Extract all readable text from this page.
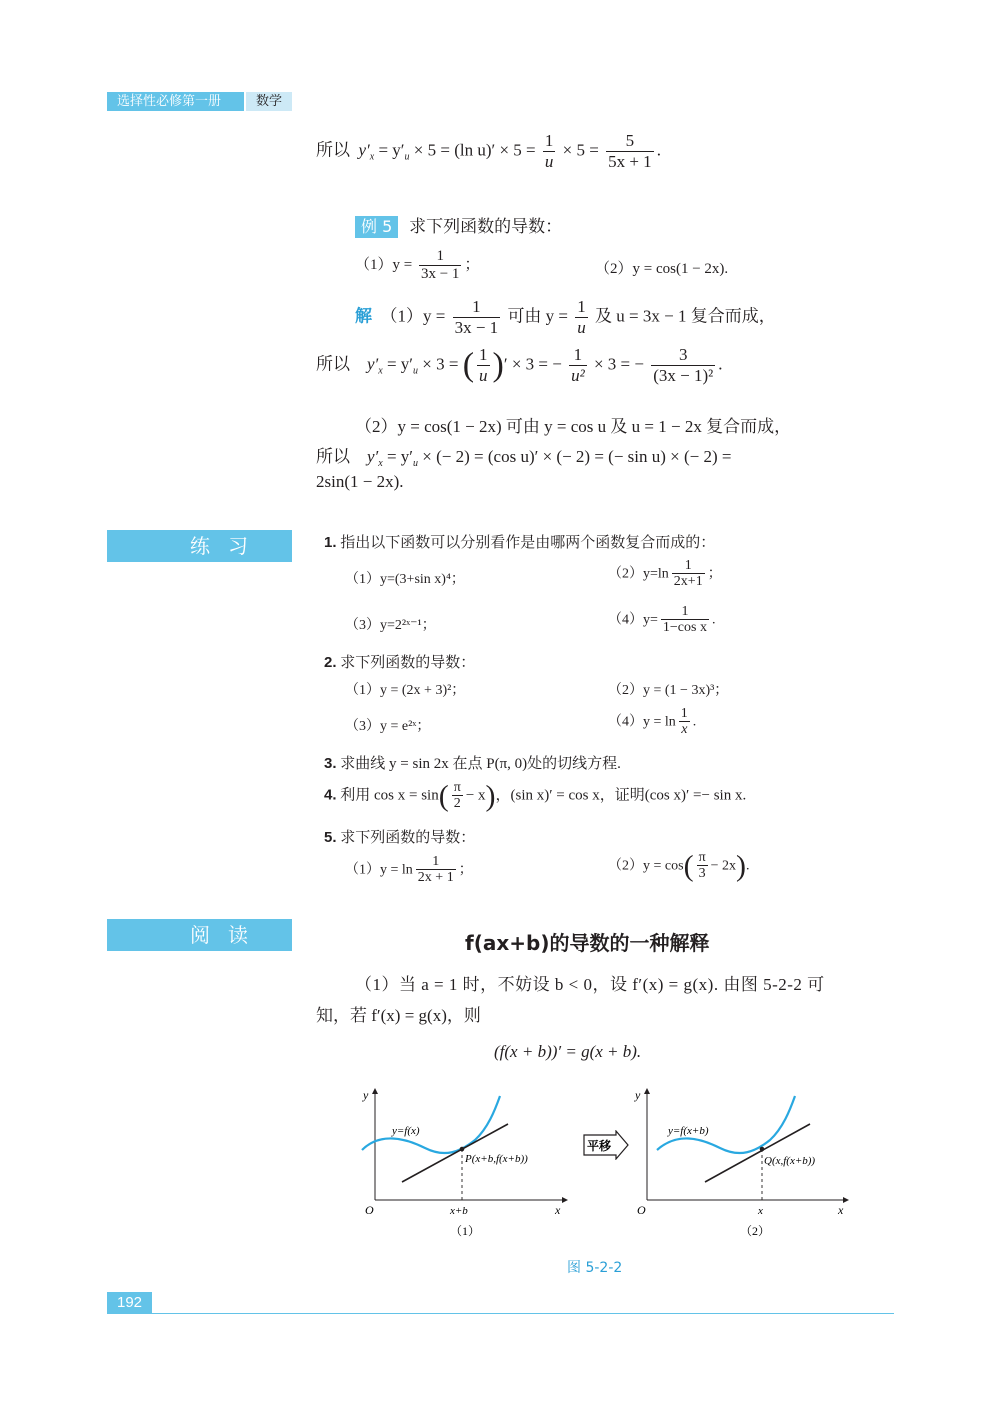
选择性必修第一册	数学
所以 $y'_x = y'_u \times 5 = (\ln$ $u)' \times 5 = \frac{1}{u} \times 5 = \frac{5}{5x + 1}$ .
例 5 求下列函数的导数：
$(1)y = \frac{1}{3x - 1}$ ；	（2）y = cos(1 − 2x).
解 $(1)y = \frac{1}{3x - 1}$ 可由 $y = \frac{1}{u}$ 及 u = 3x − 1 复合而成，
所以 $y'_x = y'_u \times 3$ = ( $\frac{1}{u}$ )′ × 3 = − $\frac{1}{\text{u²}} \times 3$ = − $\frac{3}{\text{(3x − 1)²}}$ .
（2）y = cos(1 − 2x) 可由 y = cos u 及 u = 1 − 2x 复合而成，
所以 $y'_x = y'_u$ × (− 2) = (cos u)′ × (− 2) = (− sin u) × (− 2) =
2sin(1 − 2x).
练习	1. 指出以下函数可以分别看作是由哪两个函数复合而成的：
（1）y=(3+sin x)⁴；	$(2)y=\ln \frac{1}{2x+1}$ ；
（3）y=2²ˣ⁻¹；	$(4)y= \frac{1}{\text{1−cos x}}$ .
2. 求下列函数的导数：
（1）y = (2x + 3)²；	（2）y = (1 − 3x)³；
（3）y = e²ˣ；	$(4)y = \ln \frac{1}{x}$ .
3. 求曲线 y = sin 2x 在点 P(π, 0)处的切线方程.
4. 利用 $\cos x = \sin( \frac{\pi}{2} - x)$，(sin x)′ = cos x，证明(cos x)′ =− sin x.
5. 求下列函数的导数：
$(1)y = \ln \frac{1}{2x + 1}$ ；	$(2)y = \cos( \frac{\pi}{3} - 2x)$.
阅读	f(ax+b)的导数的一种解释
（1）当 a = 1 时，不妨设 b < 0，设 f′(x) = g(x). 由图 5-2-2 可
知，若 f′(x) = g(x)，则
(f(x + b))′ = g(x + b).
y
x
O
y=f(x)
P(x+b,f(x+b))
x+b
（1）
平移
y
x
O
y=f(x+b)
Q(x,f(x+b))
x
（2）
图 5-2-2
192
